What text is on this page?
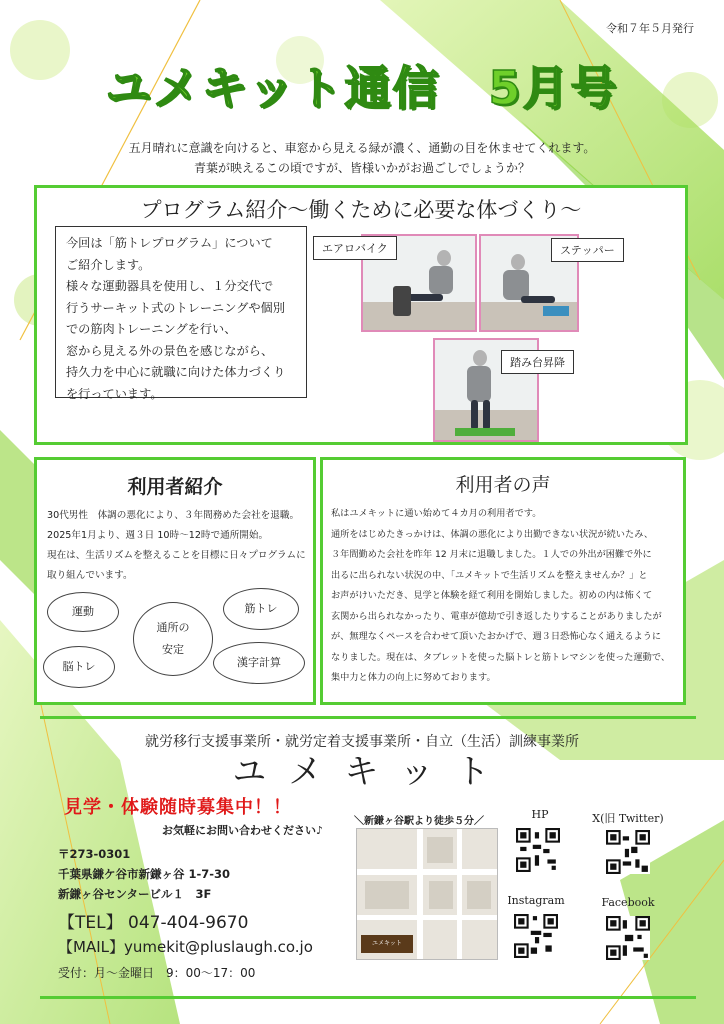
令和７年５月発行
ユメキット通信　5月号
五月晴れに意識を向けると、車窓から見える緑が濃く、通勤の目を休ませてくれます。
青葉が映えるこの頃ですが、皆様いかがお過ごしでしょうか？
プログラム紹介〜働くために必要な体づくり〜
今回は「筋トレプログラム」について
ご紹介します。
様々な運動器具を使用し、１分交代で
行うサーキット式のトレーニングや個別
での筋肉トレーニングを行い、
窓から見える外の景色を感じながら、
持久力を中心に就職に向けた体力づくり
を行っています。
エアロバイク	ステッパー
踏み台昇降
利用者紹介
30代男性　体調の悪化により、３年間務めた会社を退職。
2025年1月より、週３日 10時〜12時で通所開始。
現在は、生活リズムを整えることを目標に日々プログラムに
取り組んでいます。
運動	筋トレ
通所の
安定
脳トレ	漢字計算
利用者の声
私はユメキットに通い始めて４カ月の利用者です。
通所をはじめたきっかけは、体調の悪化により出勤できない状況が続いたみ、
３年間勤めた会社を昨年 12 月末に退職しました。１人での外出が困難で外に
出るに出られない状況の中、「ユメキットで生活リズムを整えませんか？」と
お声がけいただき、見学と体験を経て利用を開始しました。初めの内は怖くて
玄関から出られなかったり、電車が億劫で引き返したりすることがありましたが
が、無理なくペースを合わせて頂いたおかげで、週３日恐怖心なく通えるように
なりました。現在は、タブレットを使った脳トレと筋トレマシンを使った運動で、
集中力と体力の向上に努めております。
就労移行支援事業所・就労定着支援事業所・自立（生活）訓練事業所
ユメキット
見学・体験随時募集中！！
お気軽にお問い合わせください♪
〒273-0301
千葉県鎌ケ谷市新鎌ヶ谷 1-7-30
新鎌ヶ谷センタービル１　3F
【TEL】 047-404-9670
【MAIL】yumekit@pluslaugh.co.jo
受付：月〜金曜日　9：00〜17：00
＼新鎌ヶ谷駅より徒歩５分／
ユメキット
HP	X(旧 Twitter)
Instagram	Facebook
